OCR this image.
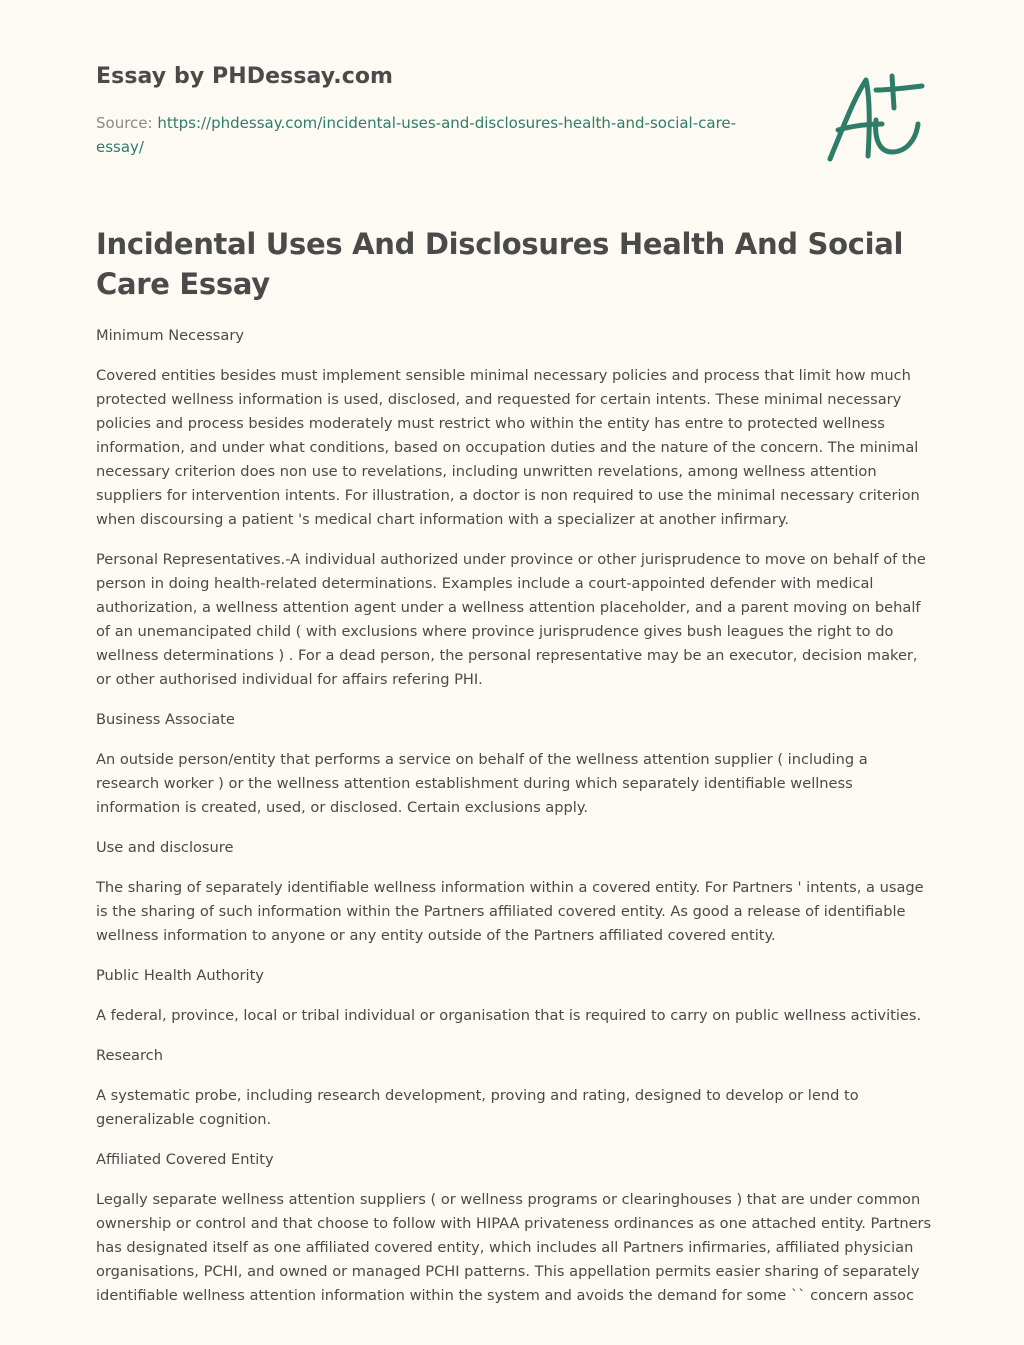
Essay by PHDessay.com

Source: https://phdessay.com/incidental-uses-and-disclosures-health-and-social-care-essay/

Incidental Uses And Disclosures Health And Social Care Essay

Minimum Necessary

Covered entities besides must implement sensible minimal necessary policies and process that limit how much protected wellness information is used, disclosed, and requested for certain intents. These minimal necessary policies and process besides moderately must restrict who within the entity has entre to protected wellness information, and under what conditions, based on occupation duties and the nature of the concern. The minimal necessary criterion does non use to revelations, including unwritten revelations, among wellness attention suppliers for intervention intents. For illustration, a doctor is non required to use the minimal necessary criterion when discoursing a patient 's medical chart information with a specializer at another infirmary.

Personal Representatives.-A individual authorized under province or other jurisprudence to move on behalf of the person in doing health-related determinations. Examples include a court-appointed defender with medical authorization, a wellness attention agent under a wellness attention placeholder, and a parent moving on behalf of an unemancipated child ( with exclusions where province jurisprudence gives bush leagues the right to do wellness determinations ) . For a dead person, the personal representative may be an executor, decision maker, or other authorised individual for affairs refering PHI.

Business Associate

An outside person/entity that performs a service on behalf of the wellness attention supplier ( including a research worker ) or the wellness attention establishment during which separately identifiable wellness information is created, used, or disclosed. Certain exclusions apply.

Use and disclosure

The sharing of separately identifiable wellness information within a covered entity. For Partners ' intents, a usage is the sharing of such information within the Partners affiliated covered entity. As good a release of identifiable wellness information to anyone or any entity outside of the Partners affiliated covered entity.

Public Health Authority

A federal, province, local or tribal individual or organisation that is required to carry on public wellness activities.

Research

A systematic probe, including research development, proving and rating, designed to develop or lend to generalizable cognition.

Affiliated Covered Entity

Legally separate wellness attention suppliers ( or wellness programs or clearinghouses ) that are under common ownership or control and that choose to follow with HIPAA privateness ordinances as one attached entity. Partners has designated itself as one affiliated covered entity, which includes all Partners infirmaries, affiliated physician organisations, PCHI, and owned or managed PCHI patterns. This appellation permits easier sharing of separately identifiable wellness attention information within the system and avoids the demand for some `` concern assoc
